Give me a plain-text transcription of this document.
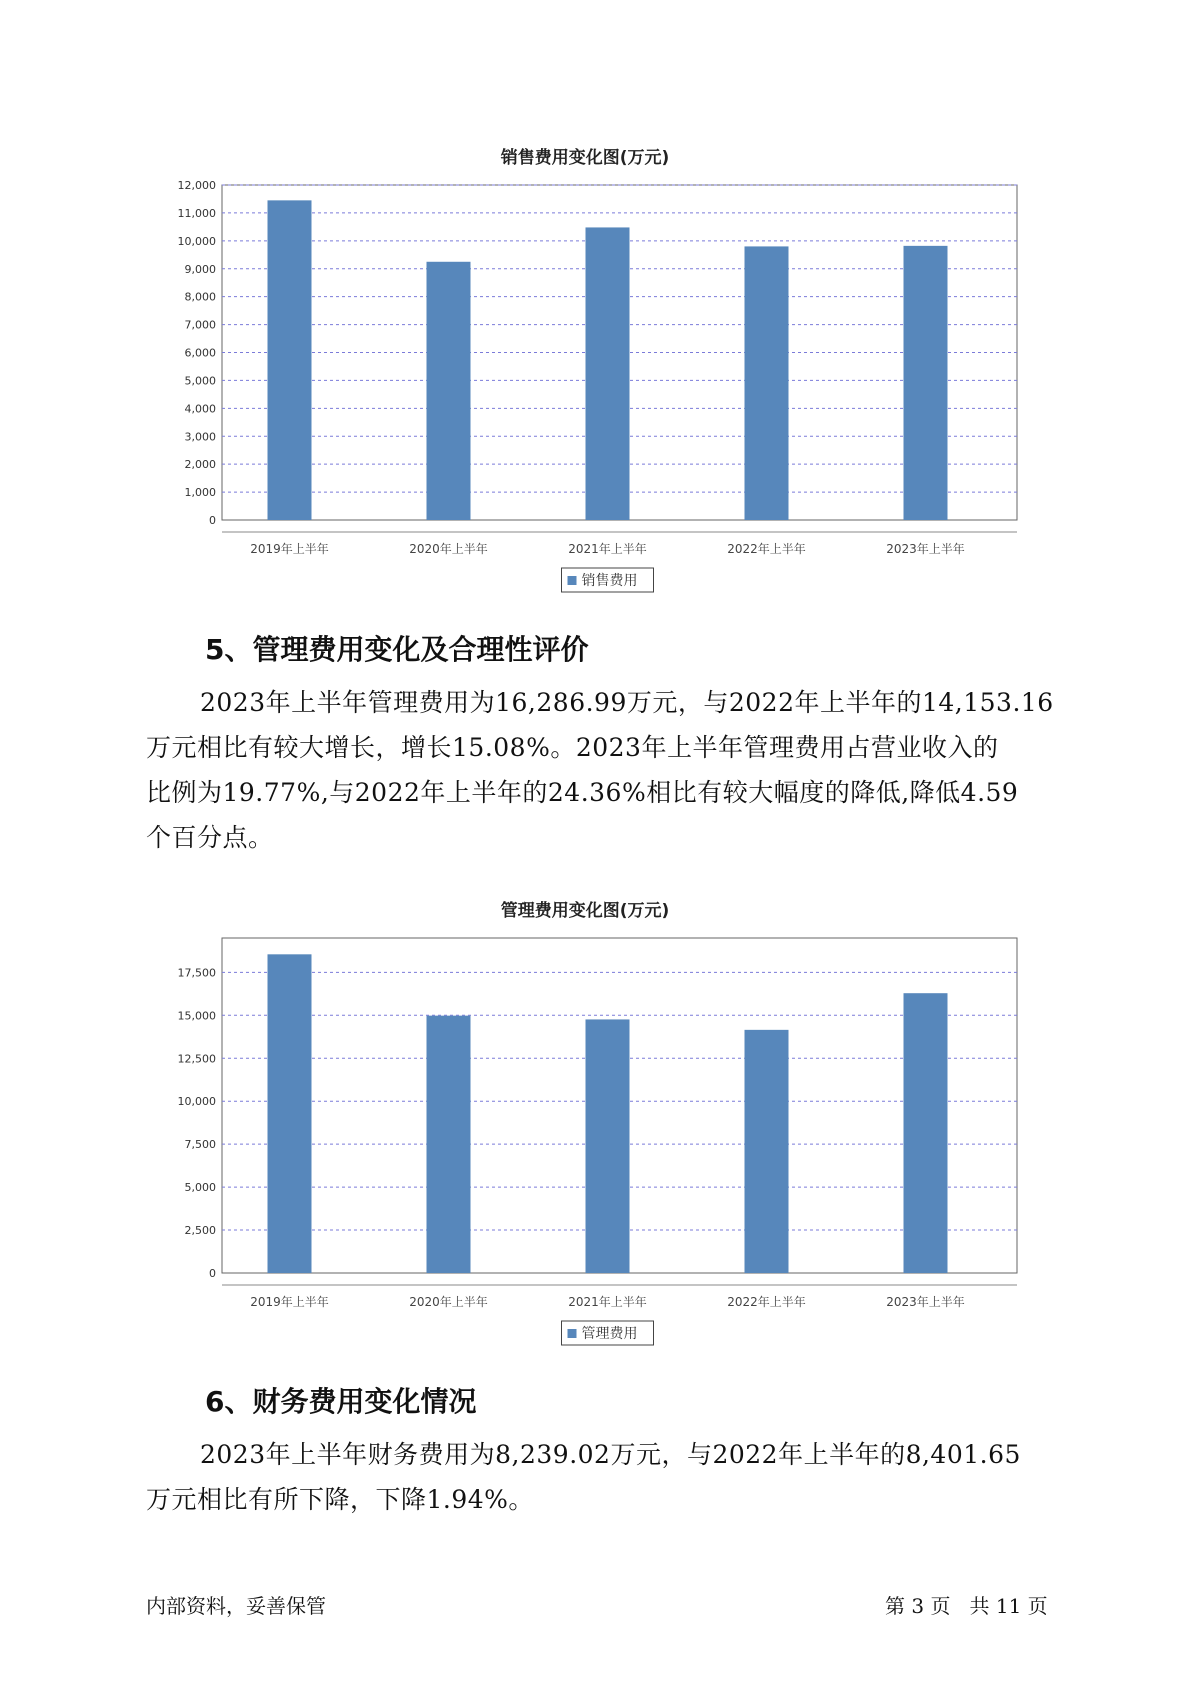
销售费用变化图(万元)
0
1,000
2,000
3,000
4,000
5,000
6,000
7,000
8,000
9,000
10,000
11,000
12,000
2019年上半年	2020年上半年	2021年上半年	2022年上半年	2023年上半年
销售费用
5、管理费用变化及合理性评价

2023年上半年管理费用为16,286.99万元，与2022年上半年的14,153.16

万元相比有较大增长，增长15.08%。2023年上半年管理费用占营业收入的

比例为19.77%,与2022年上半年的24.36%相比有较大幅度的降低,降低4.59

个百分点。

管理费用变化图(万元)
0
2,500
5,000
7,500
10,000
12,500
15,000
17,500
2019年上半年	2020年上半年	2021年上半年	2022年上半年	2023年上半年
管理费用
6、财务费用变化情况

2023年上半年财务费用为8,239.02万元，与2022年上半年的8,401.65

万元相比有所下降，下降1.94%。

内部资料，妥善保管	第 3 页   共 11 页
